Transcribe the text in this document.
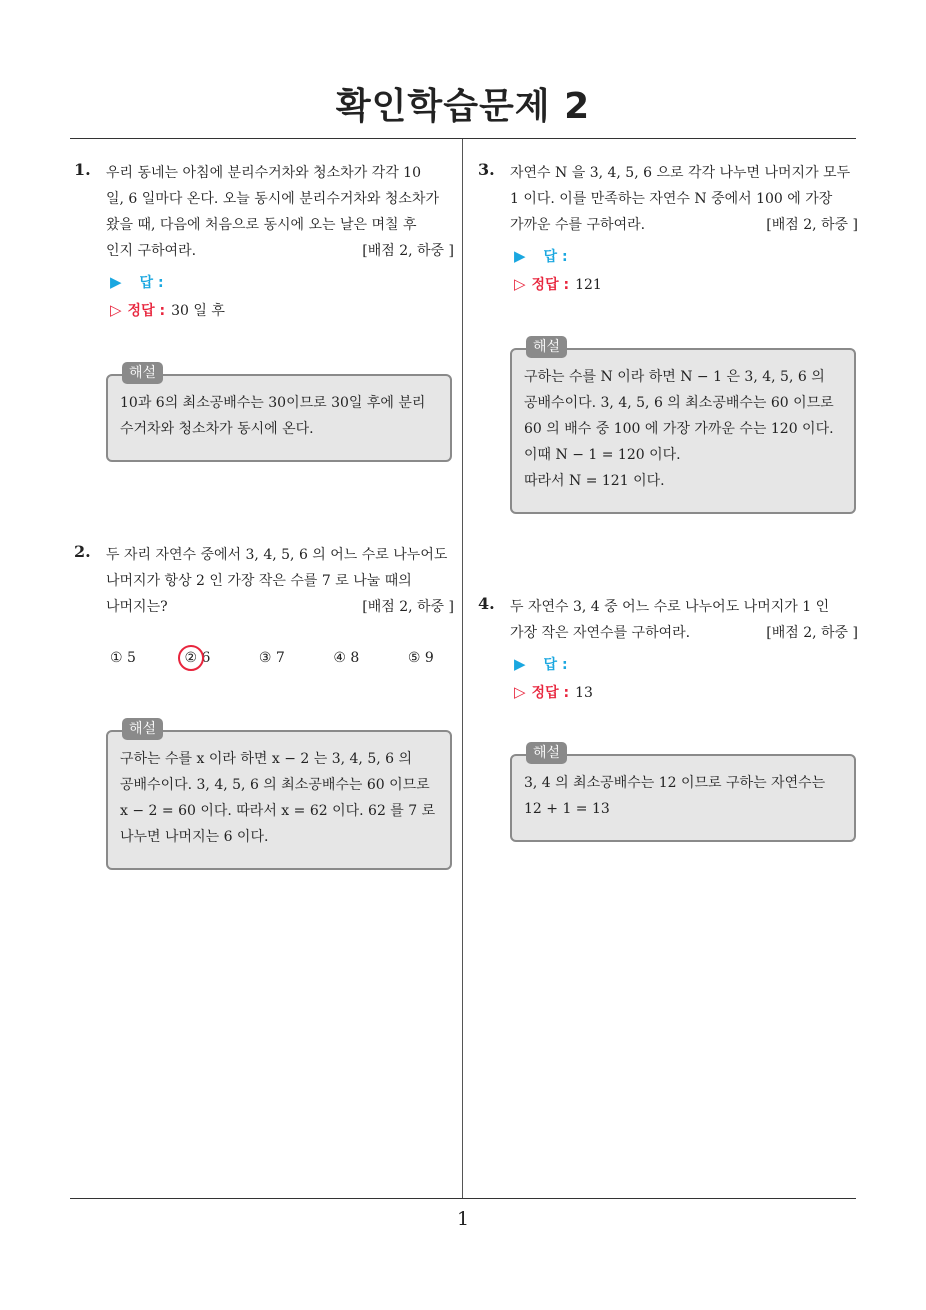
확인학습문제 2
1. 우리 동네는 아침에 분리수거차와 청소차가 각각 10
일, 6 일마다 온다. 오늘 동시에 분리수거차와 청소차가
왔을 때, 다음에 처음으로 동시에 오는 날은 며칠 후
인지 구하여라.	[배점 2, 하중 ]
▶ 답 :
▷ 정답 : 30 일 후
해설
10과 6의 최소공배수는 30이므로 30일 후에 분리
수거차와 청소차가 동시에 온다.
2. 두 자리 자연수 중에서 3, 4, 5, 6 의 어느 수로 나누어도
나머지가 항상 2 인 가장 작은 수를 7 로 나눌 때의
나머지는?	[배점 2, 하중 ]
① 5	② 6	③ 7	④ 8	⑤ 9
해설
구하는 수를 x 이라 하면 x − 2 는 3, 4, 5, 6 의
공배수이다. 3, 4, 5, 6 의 최소공배수는 60 이므로
x − 2 = 60 이다. 따라서 x = 62 이다. 62 를 7 로
나누면 나머지는 6 이다.
3. 자연수 N 을 3, 4, 5, 6 으로 각각 나누면 나머지가 모두
1 이다. 이를 만족하는 자연수 N 중에서 100 에 가장
가까운 수를 구하여라.	[배점 2, 하중 ]
▶ 답 :
▷ 정답 : 121
해설
구하는 수를 N 이라 하면 N − 1 은 3, 4, 5, 6 의
공배수이다. 3, 4, 5, 6 의 최소공배수는 60 이므로
60 의 배수 중 100 에 가장 가까운 수는 120 이다.
이때 N − 1 = 120 이다.
따라서 N = 121 이다.
4. 두 자연수 3, 4 중 어느 수로 나누어도 나머지가 1 인
가장 작은 자연수를 구하여라.	[배점 2, 하중 ]
▶ 답 :
▷ 정답 : 13
해설
3, 4 의 최소공배수는 12 이므로 구하는 자연수는
12 + 1 = 13
1
